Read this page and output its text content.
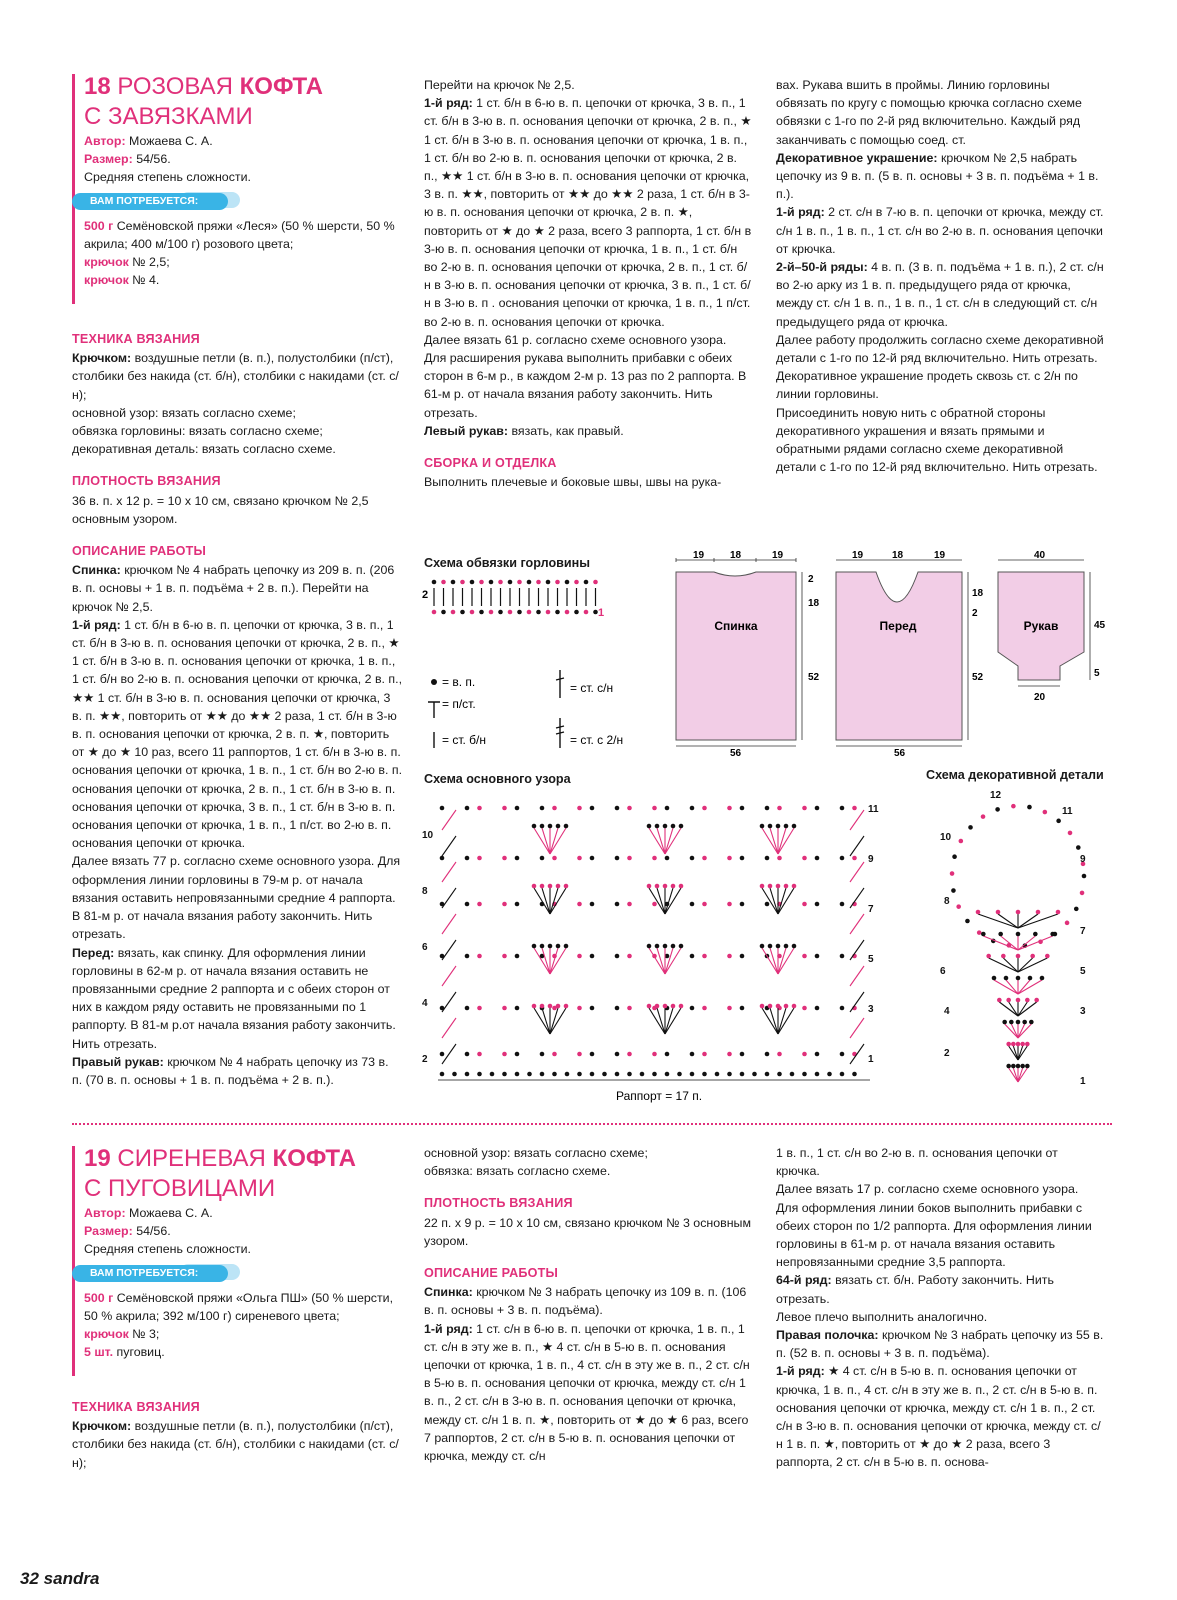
18 РОЗОВАЯ КОФТА
С ЗАВЯЗКАМИ

Автор: Можаева С. А.

Размер: 54/56.

Средняя степень сложности.

ВАМ ПОТРЕБУЕТСЯ:

500 г Семёновской пряжи «Леся» (50 % шерсти, 50 % акрила; 400 м/100 г) розового цвета;

крючок № 2,5;

крючок № 4.

ТЕХНИКА ВЯЗАНИЯ

Крючком: воздушные петли (в. п.), полустолбики (п/ст), столбики без накида (ст. б/н), столбики с накидами (ст. с/н);

основной узор: вязать согласно схеме;

обвязка горловины: вязать согласно схеме;

декоративная деталь: вязать согласно схеме.

ПЛОТНОСТЬ ВЯЗАНИЯ

36 в. п. х 12 р. = 10 х 10 см, связано крючком № 2,5 основным узором.

ОПИСАНИЕ РАБОТЫ

Спинка: крючком № 4 набрать цепочку из 209 в. п. (206 в. п. основы + 1 в. п. подъёма + 2 в. п.). Перейти на крючок № 2,5.

1-й ряд: 1 ст. б/н в 6-ю в. п. цепочки от крючка, 3 в. п., 1 ст. б/н в 3-ю в. п. основания цепочки от крючка, 2 в. п., ★ 1 ст. б/н в 3-ю в. п. основания цепочки от крючка, 1 в. п., 1 ст. б/н во 2-ю в. п. основания цепочки от крючка, 2 в. п., ★★ 1 ст. б/н в 3-ю в. п. основания цепочки от крючка, 3 в. п. ★★, повторить от ★★ до ★★ 2 раза, 1 ст. б/н в 3-ю в. п. основания цепочки от крючка, 2 в. п. ★, повторить от ★ до ★ 10 раз, всего 11 раппортов, 1 ст. б/н в 3-ю в. п. основания цепочки от крючка, 1 в. п., 1 ст. б/н во 2-ю в. п. основания цепочки от крючка, 2 в. п., 1 ст. б/н в 3-ю в. п. основания цепочки от крючка, 3 в. п., 1 ст. б/н в 3-ю в. п. основания цепочки от крючка, 1 в. п., 1 п/ст. во 2-ю в. п. основания цепочки от крючка.

Далее вязать 77 р. согласно схеме основного узора. Для оформления линии горловины в 79-м р. от начала вязания оставить непровязанными средние 4 раппорта. В 81-м р. от начала вязания работу закончить. Нить отрезать.

Перед: вязать, как спинку. Для оформления линии горловины в 62-м р. от начала вязания оставить не провязанными средние 2 раппорта и с обеих сторон от них в каждом ряду оставить не провязанными по 1 раппорту. В 81-м р.от начала вязания работу закончить. Нить отрезать.

Правый рукав: крючком № 4 набрать цепочку из 73 в. п. (70 в. п. основы + 1 в. п. подъёма + 2 в. п.).

Перейти на крючок № 2,5.

1-й ряд: 1 ст. б/н в 6-ю в. п. цепочки от крючка, 3 в. п., 1 ст. б/н в 3-ю в. п. основания цепочки от крючка, 2 в. п., ★ 1 ст. б/н в 3-ю в. п. основания цепочки от крючка, 1 в. п., 1 ст. б/н во 2-ю в. п. основания цепочки от крючка, 2 в. п., ★★ 1 ст. б/н в 3-ю в. п. основания цепочки от крючка, 3 в. п. ★★, повторить от ★★ до ★★ 2 раза, 1 ст. б/н в 3-ю в. п. основания цепочки от крючка, 2 в. п. ★, повторить от ★ до ★ 2 раза, всего 3 раппорта, 1 ст. б/н в 3-ю в. п. основания цепочки от крючка, 1 в. п., 1 ст. б/н во 2-ю в. п. основания цепочки от крючка, 2 в. п., 1 ст. б/н в 3-ю в. п. основания цепочки от крючка, 3 в. п., 1 ст. б/н в 3-ю в. п . основания цепочки от крючка, 1 в. п., 1 п/ст. во 2-ю в. п. основания цепочки от крючка.

Далее вязать 61 р. согласно схеме основного узора. Для расширения рукава выполнить прибавки с обеих сторон в 6-м р., в каждом 2-м р. 13 раз по 2 раппорта. В 61-м р. от начала вязания работу закончить. Нить отрезать.

Левый рукав: вязать, как правый.

СБОРКА И ОТДЕЛКА

Выполнить плечевые и боковые швы, швы на рука-

вах. Рукава вшить в проймы. Линию горловины обвязать по кругу с помощью крючка согласно схеме обвязки с 1-го по 2-й ряд включительно. Каждый ряд заканчивать с помощью соед. ст.

Декоративное украшение: крючком № 2,5 набрать цепочку из 9 в. п. (5 в. п. основы + 3 в. п. подъёма + 1 в. п.).

1-й ряд: 2 ст. с/н в 7-ю в. п. цепочки от крючка, между ст. с/н 1 в. п., 1 в. п., 1 ст. с/н во 2-ю в. п. основания цепочки от крючка.

2-й–50-й ряды: 4 в. п. (3 в. п. подъёма + 1 в. п.), 2 ст. с/н во 2-ю арку из 1 в. п. предыдущего ряда от крючка, между ст. с/н 1 в. п., 1 в. п., 1 ст. с/н в следующий ст. с/н предыдущего ряда от крючка.

Далее работу продолжить согласно схеме декоративной детали с 1-го по 12-й ряд включительно. Нить отрезать.

Декоративное украшение продеть сквозь ст. с 2/н по линии горловины.

Присоединить новую нить с обратной стороны декоративного украшения и вязать прямыми и обратными рядами согласно схеме декоративной детали с 1-го по 12-й ряд включительно. Нить отрезать.

Схема обвязки горловины
2
1
= в. п.
= п/ст.
= ст. б/н
= ст. с/н
= ст. с 2/н
Спинка
19	18	19
2
18
52
56
Перед
19	18	19
18
2
52
56
Рукав
40
45
5
20
Схема основного узора
10
8
6
4
2
11
9
7
5
3
1
Раппорт = 17 п.
Схема декоративной детали
12
11
10
9
8
7
6	5
4	3
2
1
19 СИРЕНЕВАЯ КОФТА
С ПУГОВИЦАМИ

Автор: Можаева С. А.

Размер: 54/56.

Средняя степень сложности.

ВАМ ПОТРЕБУЕТСЯ:

500 г Семёновской пряжи «Ольга ПШ» (50 % шерсти, 50 % акрила; 392 м/100 г) сиреневого цвета;

крючок № 3;

5 шт. пуговиц.

ТЕХНИКА ВЯЗАНИЯ

Крючком: воздушные петли (в. п.), полустолбики (п/ст), столбики без накида (ст. б/н), столбики с накидами (ст. с/н);

основной узор: вязать согласно схеме;

обвязка: вязать согласно схеме.

ПЛОТНОСТЬ ВЯЗАНИЯ

22 п. х 9 р. = 10 х 10 см, связано крючком № 3 основным узором.

ОПИСАНИЕ РАБОТЫ

Спинка: крючком № 3 набрать цепочку из 109 в. п. (106 в. п. основы + 3 в. п. подъёма).

1-й ряд: 1 ст. с/н в 6-ю в. п. цепочки от крючка, 1 в. п., 1 ст. с/н в эту же в. п., ★ 4 ст. с/н в 5-ю в. п. основания цепочки от крючка, 1 в. п., 4 ст. с/н в эту же в. п., 2 ст. с/н в 5-ю в. п. основания цепочки от крючка, между ст. с/н 1 в. п., 2 ст. с/н в 3-ю в. п. основания цепочки от крючка, между ст. с/н 1 в. п. ★, повторить от ★ до ★ 6 раз, всего 7 раппортов, 2 ст. с/н в 5-ю в. п. основания цепочки от крючка, между ст. с/н

1 в. п., 1 ст. с/н во 2-ю в. п. основания цепочки от крючка.

Далее вязать 17 р. согласно схеме основного узора. Для оформления линии боков выполнить прибавки с обеих сторон по 1/2 раппорта. Для оформления линии горловины в 61-м р. от начала вязания оставить непровязанными средние 3,5 раппорта.

64-й ряд: вязать ст. б/н. Работу закончить. Нить отрезать.

Левое плечо выполнить аналогично.

Правая полочка: крючком № 3 набрать цепочку из 55 в. п. (52 в. п. основы + 3 в. п. подъёма).

1-й ряд: ★ 4 ст. с/н в 5-ю в. п. основания цепочки от крючка, 1 в. п., 4 ст. с/н в эту же в. п., 2 ст. с/н в 5-ю в. п. основания цепочки от крючка, между ст. с/н 1 в. п., 2 ст. с/н в 3-ю в. п. основания цепочки от крючка, между ст. с/н 1 в. п. ★, повторить от ★ до ★ 2 раза, всего 3 раппорта, 2 ст. с/н в 5-ю в. п. основа-

32 sandra
